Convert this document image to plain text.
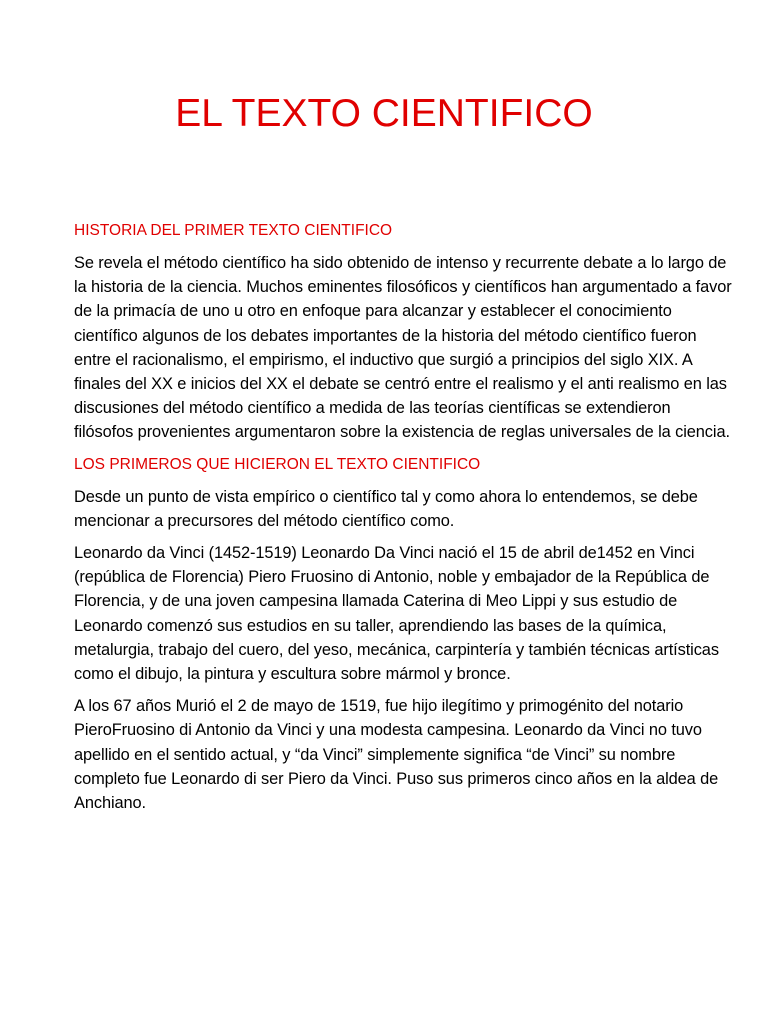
EL TEXTO CIENTIFICO
HISTORIA DEL PRIMER TEXTO CIENTIFICO

Se revela el método científico ha sido obtenido de intenso y recurrente debate a lo largo de la historia de la ciencia. Muchos eminentes filosóficos y científicos han argumentado a favor de la primacía de uno u otro en enfoque para alcanzar y establecer el conocimiento científico algunos de los debates importantes de la historia del método científico fueron entre el racionalismo, el empirismo, el inductivo que surgió a principios del siglo XIX. A finales del XX e inicios del XX el debate se centró entre el realismo y el anti realismo en las discusiones del método científico a medida de las teorías científicas se extendieron filósofos provenientes argumentaron sobre la existencia de reglas universales de la ciencia.

LOS PRIMEROS QUE HICIERON EL TEXTO CIENTIFICO

Desde un punto de vista empírico o científico tal y como ahora lo entendemos, se debe mencionar a precursores del método científico como.

Leonardo da Vinci (1452-1519) Leonardo Da Vinci nació el 15 de abril de1452 en Vinci (república de Florencia) Piero Fruosino di Antonio, noble y embajador de la República de Florencia, y de una joven campesina llamada Caterina di Meo Lippi y sus estudio de Leonardo comenzó sus estudios en su taller, aprendiendo las bases de la química, metalurgia, trabajo del cuero, del yeso, mecánica, carpintería y también técnicas artísticas como el dibujo, la pintura y escultura sobre mármol y bronce.

A los 67 años Murió el 2 de mayo de 1519, fue hijo ilegítimo y primogénito del notario PieroFruosino di Antonio da Vinci y una modesta campesina. Leonardo da Vinci no tuvo apellido en el sentido actual, y “da Vinci” simplemente significa “de Vinci” su nombre completo fue Leonardo di ser Piero da Vinci. Puso sus primeros cinco años en la aldea de Anchiano.
